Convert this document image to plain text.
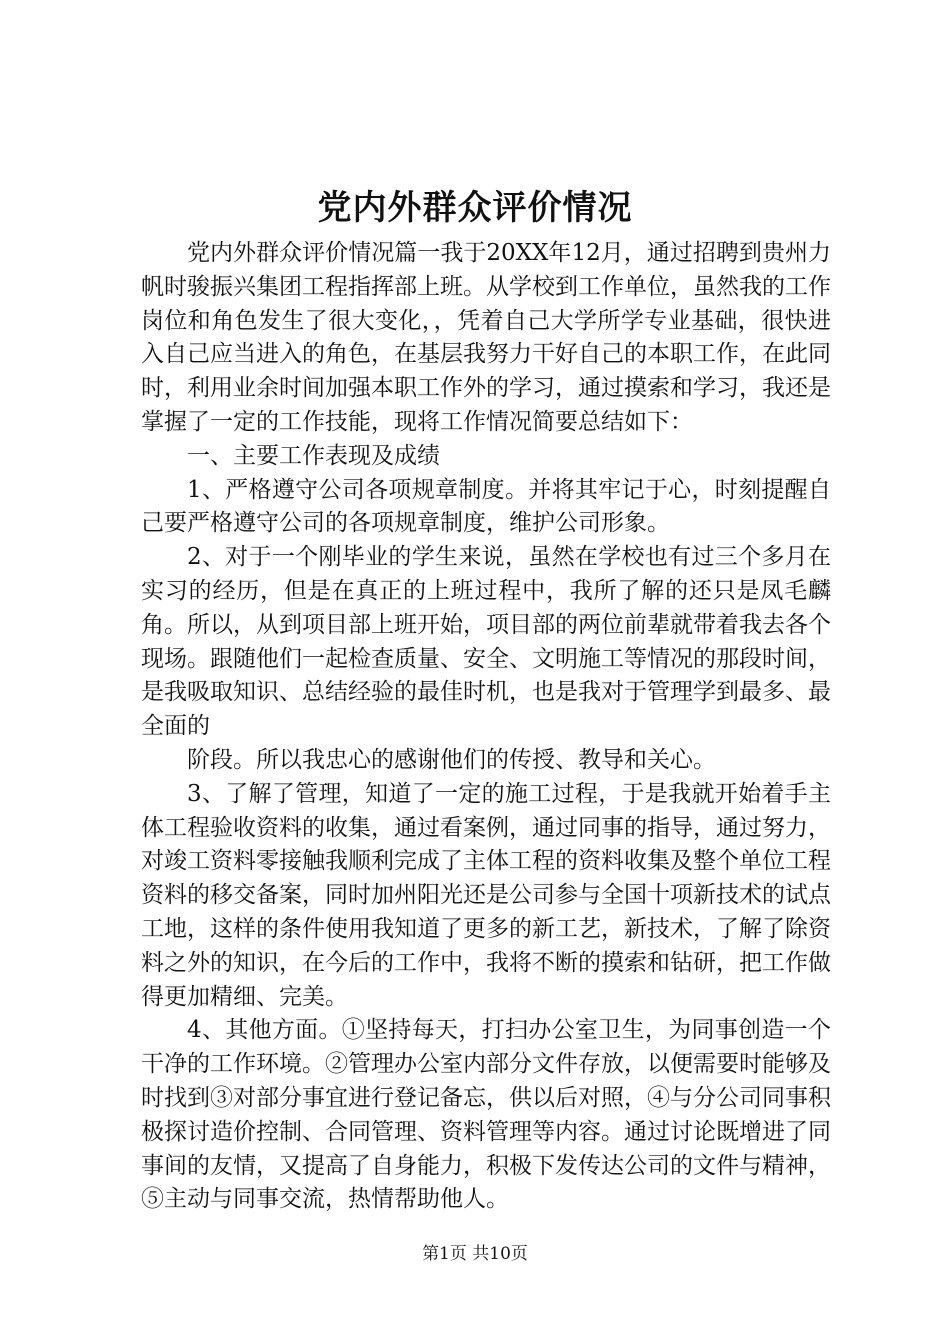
党内外群众评价情况

党内外群众评价情况篇一我于20XX年12月，通过招聘到贵州力帆时骏振兴集团工程指挥部上班。从学校到工作单位，虽然我的工作岗位和角色发生了很大变化，，凭着自己大学所学专业基础，很快进入自己应当进入的角色，在基层我努力干好自己的本职工作，在此同时，利用业余时间加强本职工作外的学习，通过摸索和学习，我还是掌握了一定的工作技能，现将工作情况简要总结如下：

一、主要工作表现及成绩

1、严格遵守公司各项规章制度。并将其牢记于心，时刻提醒自己要严格遵守公司的各项规章制度，维护公司形象。

2、对于一个刚毕业的学生来说，虽然在学校也有过三个多月在实习的经历，但是在真正的上班过程中，我所了解的还只是凤毛麟角。所以，从到项目部上班开始，项目部的两位前辈就带着我去各个现场。跟随他们一起检查质量、安全、文明施工等情况的那段时间，是我吸取知识、总结经验的最佳时机，也是我对于管理学到最多、最全面的

阶段。所以我忠心的感谢他们的传授、教导和关心。

3、了解了管理，知道了一定的施工过程，于是我就开始着手主体工程验收资料的收集，通过看案例，通过同事的指导，通过努力，对竣工资料零接触我顺利完成了主体工程的资料收集及整个单位工程资料的移交备案，同时加州阳光还是公司参与全国十项新技术的试点工地，这样的条件使用我知道了更多的新工艺，新技术，了解了除资料之外的知识，在今后的工作中，我将不断的摸索和钻研，把工作做得更加精细、完美。

4、其他方面。①坚持每天，打扫办公室卫生，为同事创造一个干净的工作环境。②管理办公室内部分文件存放，以便需要时能够及时找到③对部分事宜进行登记备忘，供以后对照，④与分公司同事积极探讨造价控制、合同管理、资料管理等内容。通过讨论既增进了同事间的友情，又提高了自身能力，积极下发传达公司的文件与精神，⑤主动与同事交流，热情帮助他人。

第1页 共10页
